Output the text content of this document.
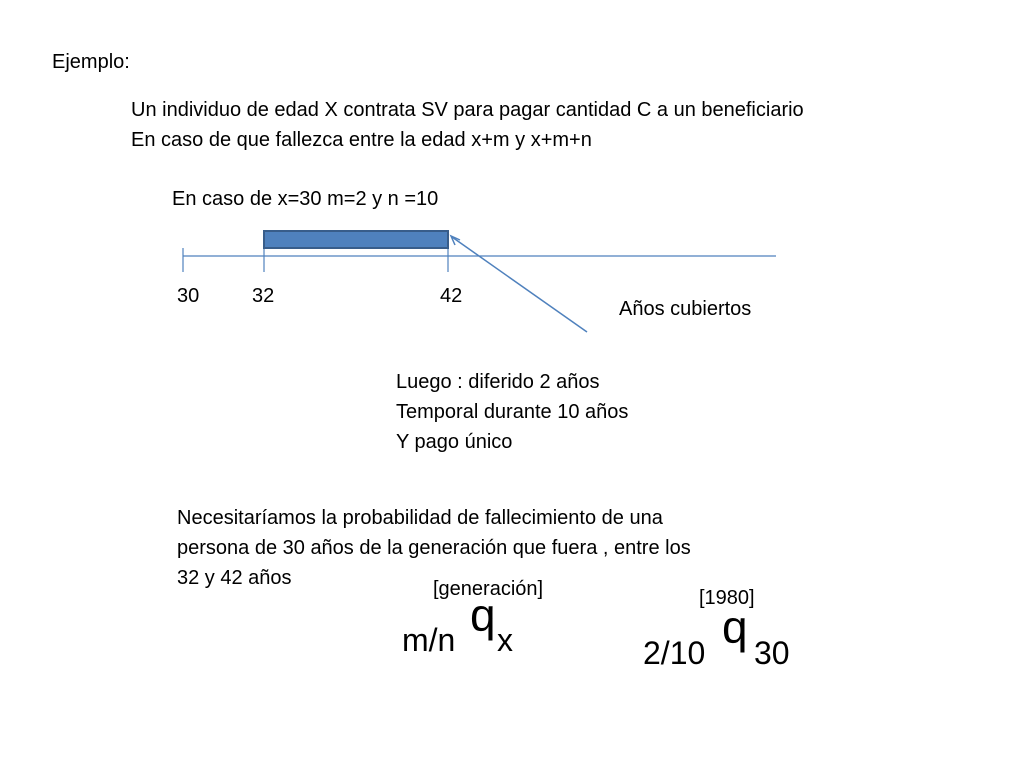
Ejemplo:
Un individuo de edad X contrata SV para pagar cantidad C a un beneficiario
En caso de que fallezca entre la edad x+m y x+m+n
En caso de x=30 m=2 y n =10
30	32	42
Años cubiertos
Luego : diferido 2 años
Temporal durante 10 años
Y pago único
Necesitaríamos la probabilidad de fallecimiento de una
persona de 30 años de la generación que fuera , entre los
32 y 42 años	[generación]
m/n q x
[1980]
2/10 q 30
